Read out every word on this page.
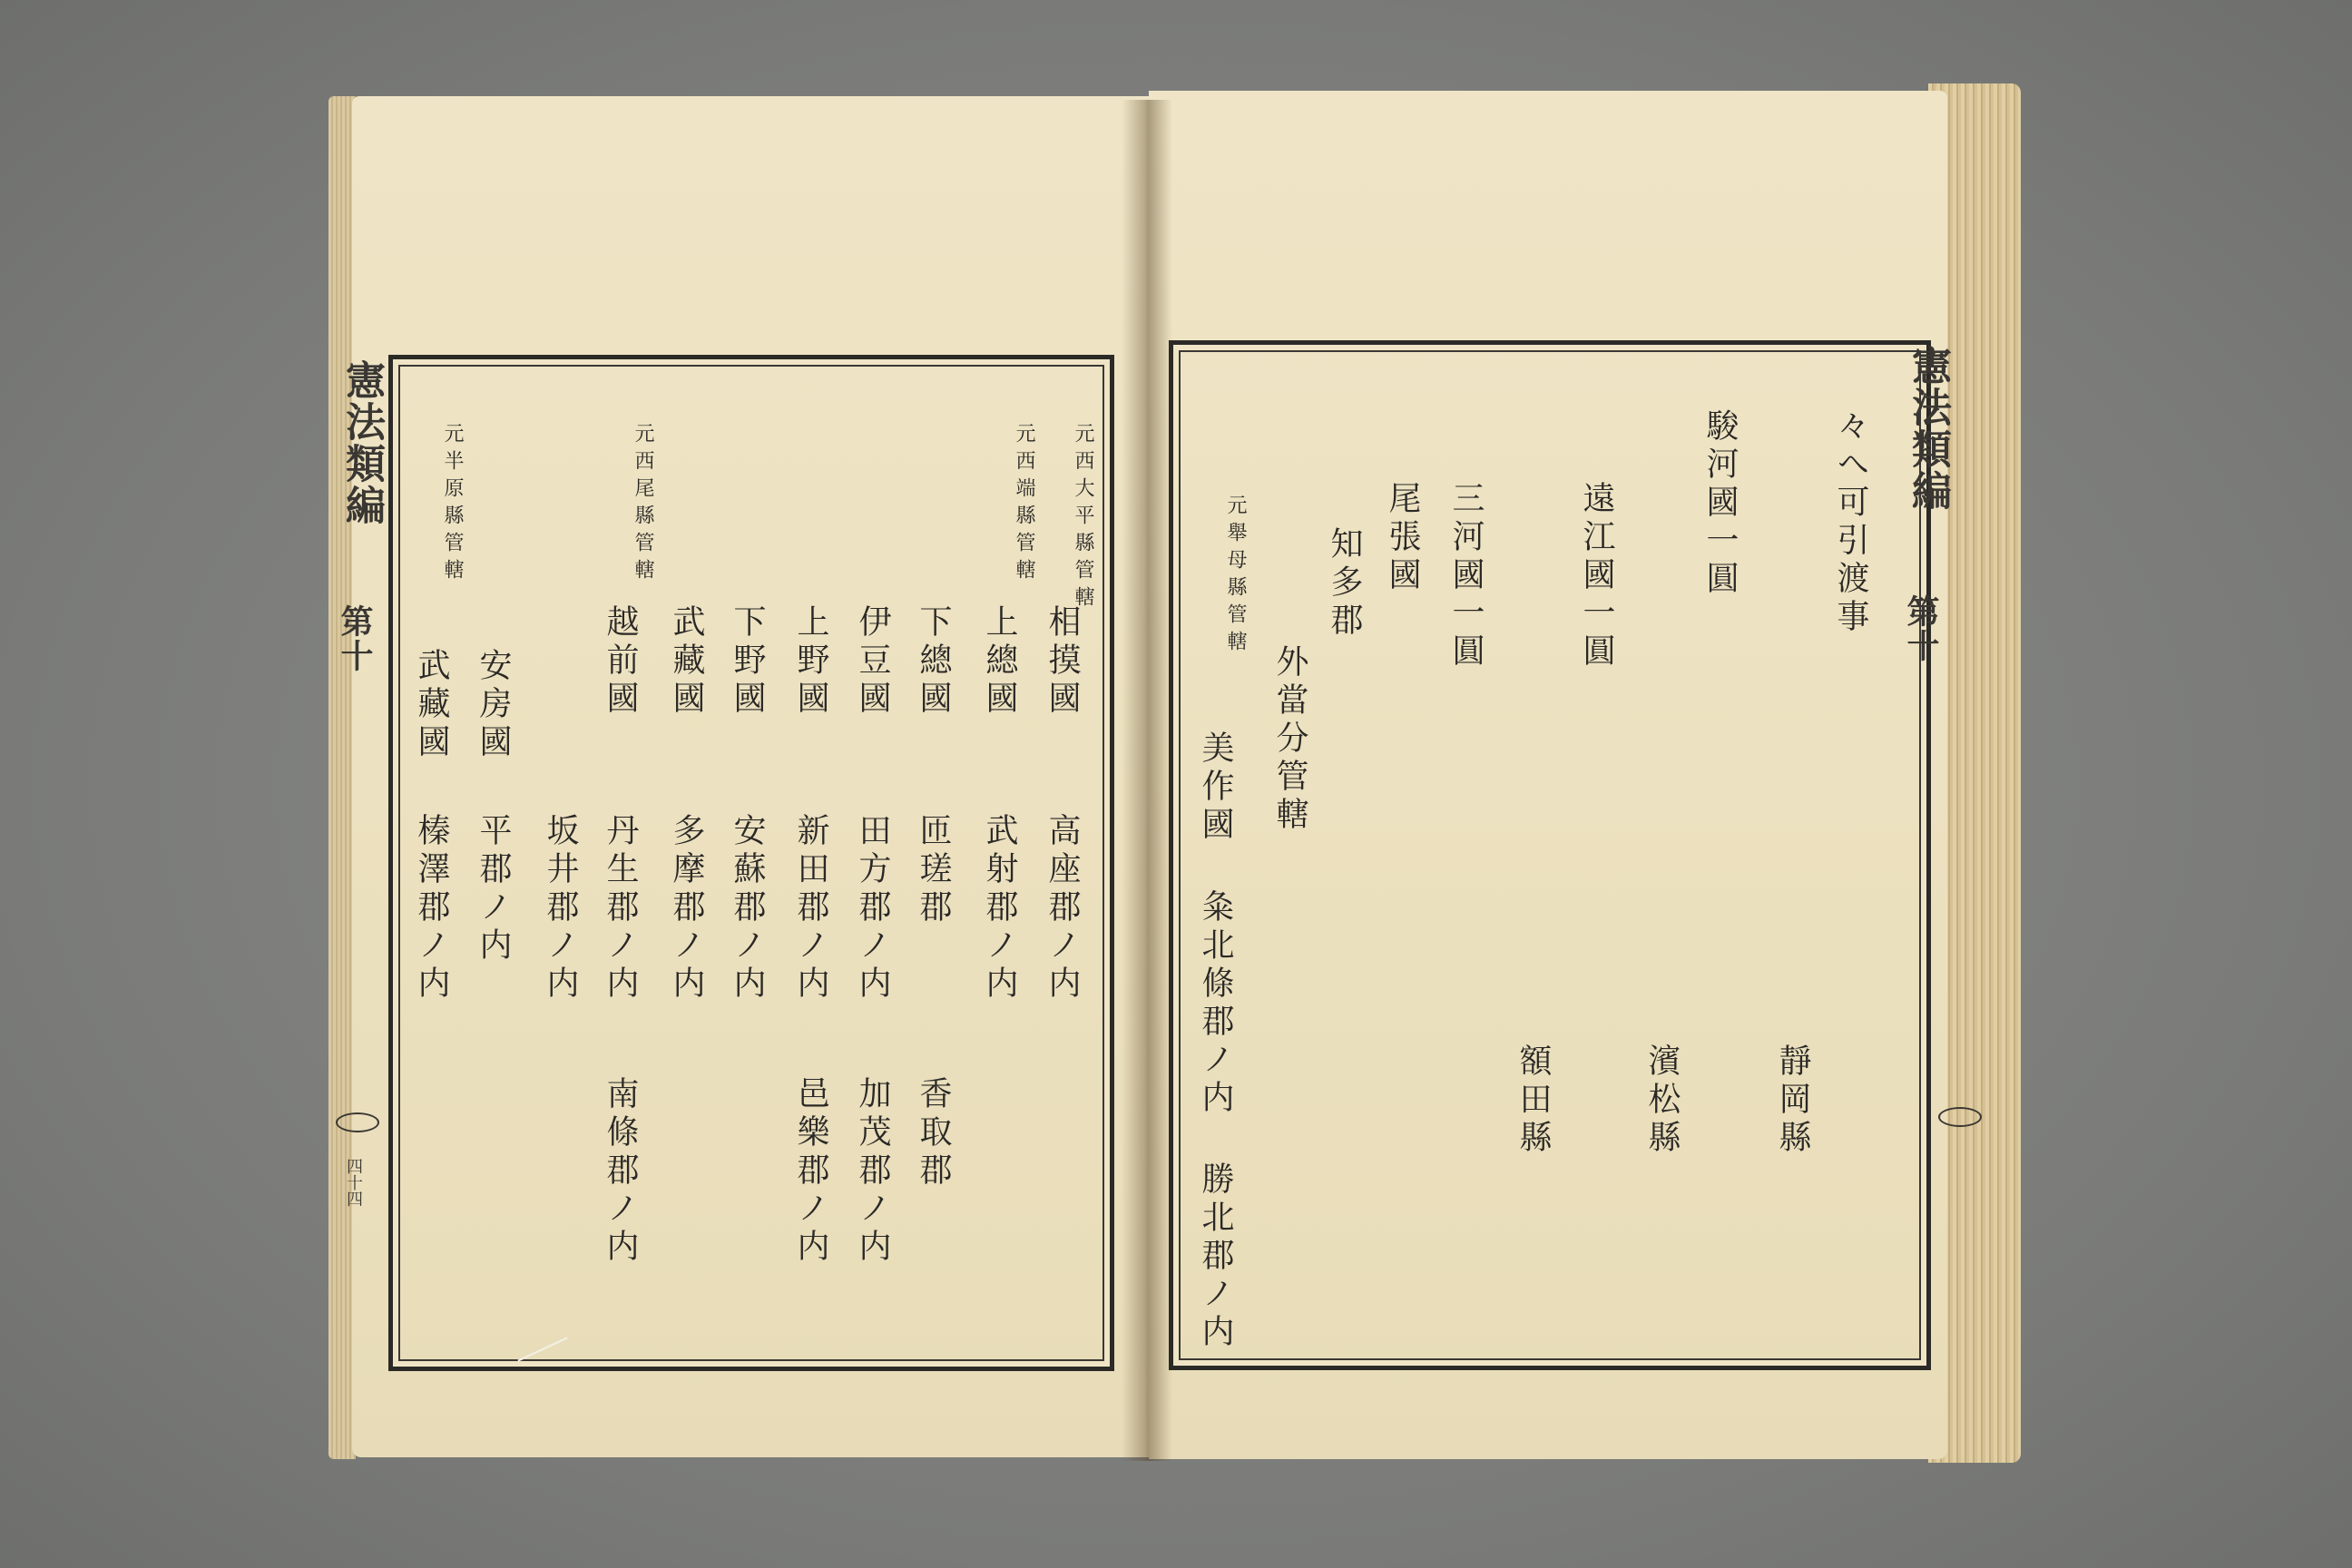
憲法類編
第十
四十四
元西大平縣管轄
相摸國
高座郡ノ内
元西端縣管轄
上總國
武射郡ノ内
下總國
匝瑳郡
香取郡
伊豆國
田方郡ノ内
加茂郡ノ内
上野國
新田郡ノ内
邑樂郡ノ内
下野國
安蘇郡ノ内
武藏國
多摩郡ノ内
元西尾縣管轄
越前國
丹生郡ノ内
南條郡ノ内
坂井郡ノ内
安房國
平郡ノ内
元半原縣管轄
武藏國
榛澤郡ノ内
憲法類編
第十
々へ可引渡事
駿河國一圓
靜岡縣
遠江國一圓
濱松縣
三河國一圓
額田縣
尾張國
知多郡
外當分管轄
元舉母縣管轄
美作國
粂北條郡ノ内
勝北郡ノ内
